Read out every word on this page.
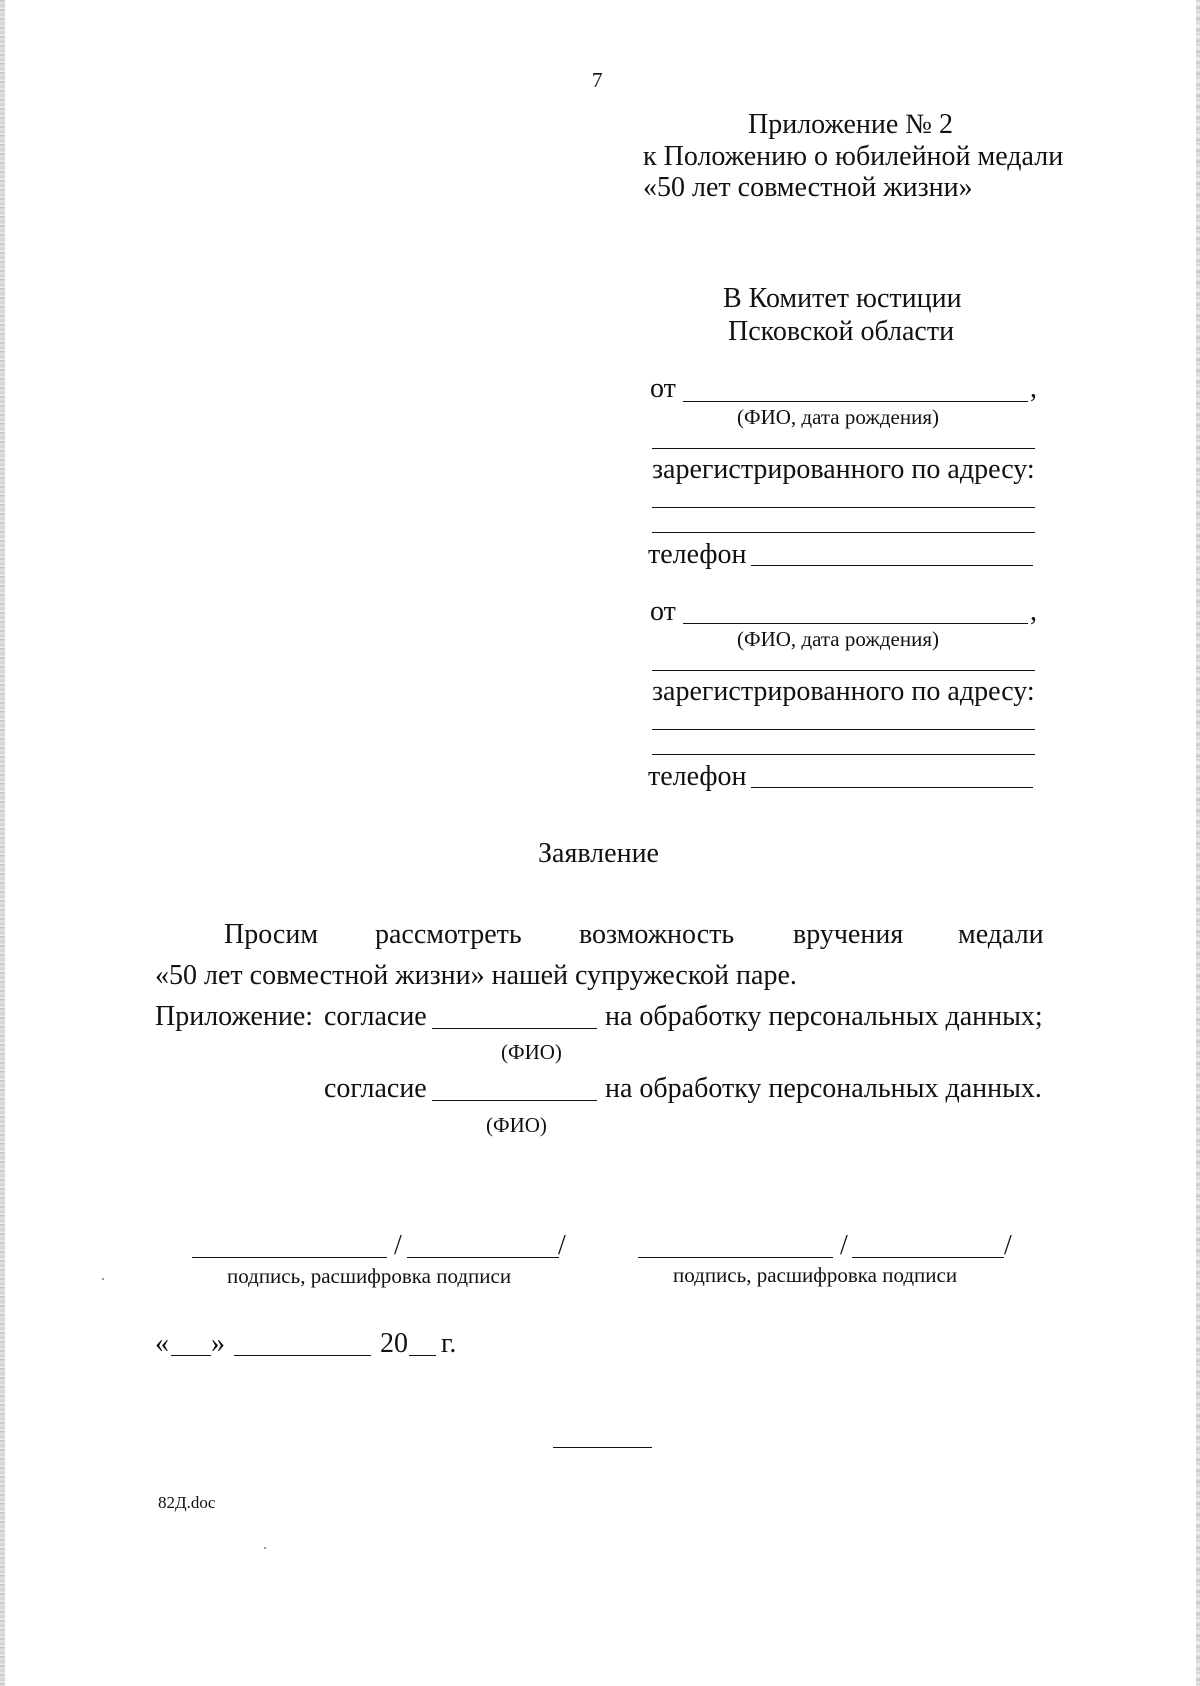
7
Приложение № 2
к Положению о юбилейной медали
«50 лет совместной жизни»
В Комитет юстиции
Псковской области
от	,
(ФИО, дата рождения)
зарегистрированного по адресу:
телефон
от	,
(ФИО, дата рождения)
зарегистрированного по адресу:
телефон
Заявление
Просим рассмотреть возможность вручения медали
«50 лет совместной жизни» нашей супружеской паре.
Приложение: согласие	на обработку персональных данных;
(ФИО)
согласие	на обработку персональных данных.
(ФИО)
/	/
подпись, расшифровка подписи
/	/
подпись, расшифровка подписи
« »	20 г.
82Д.doc
